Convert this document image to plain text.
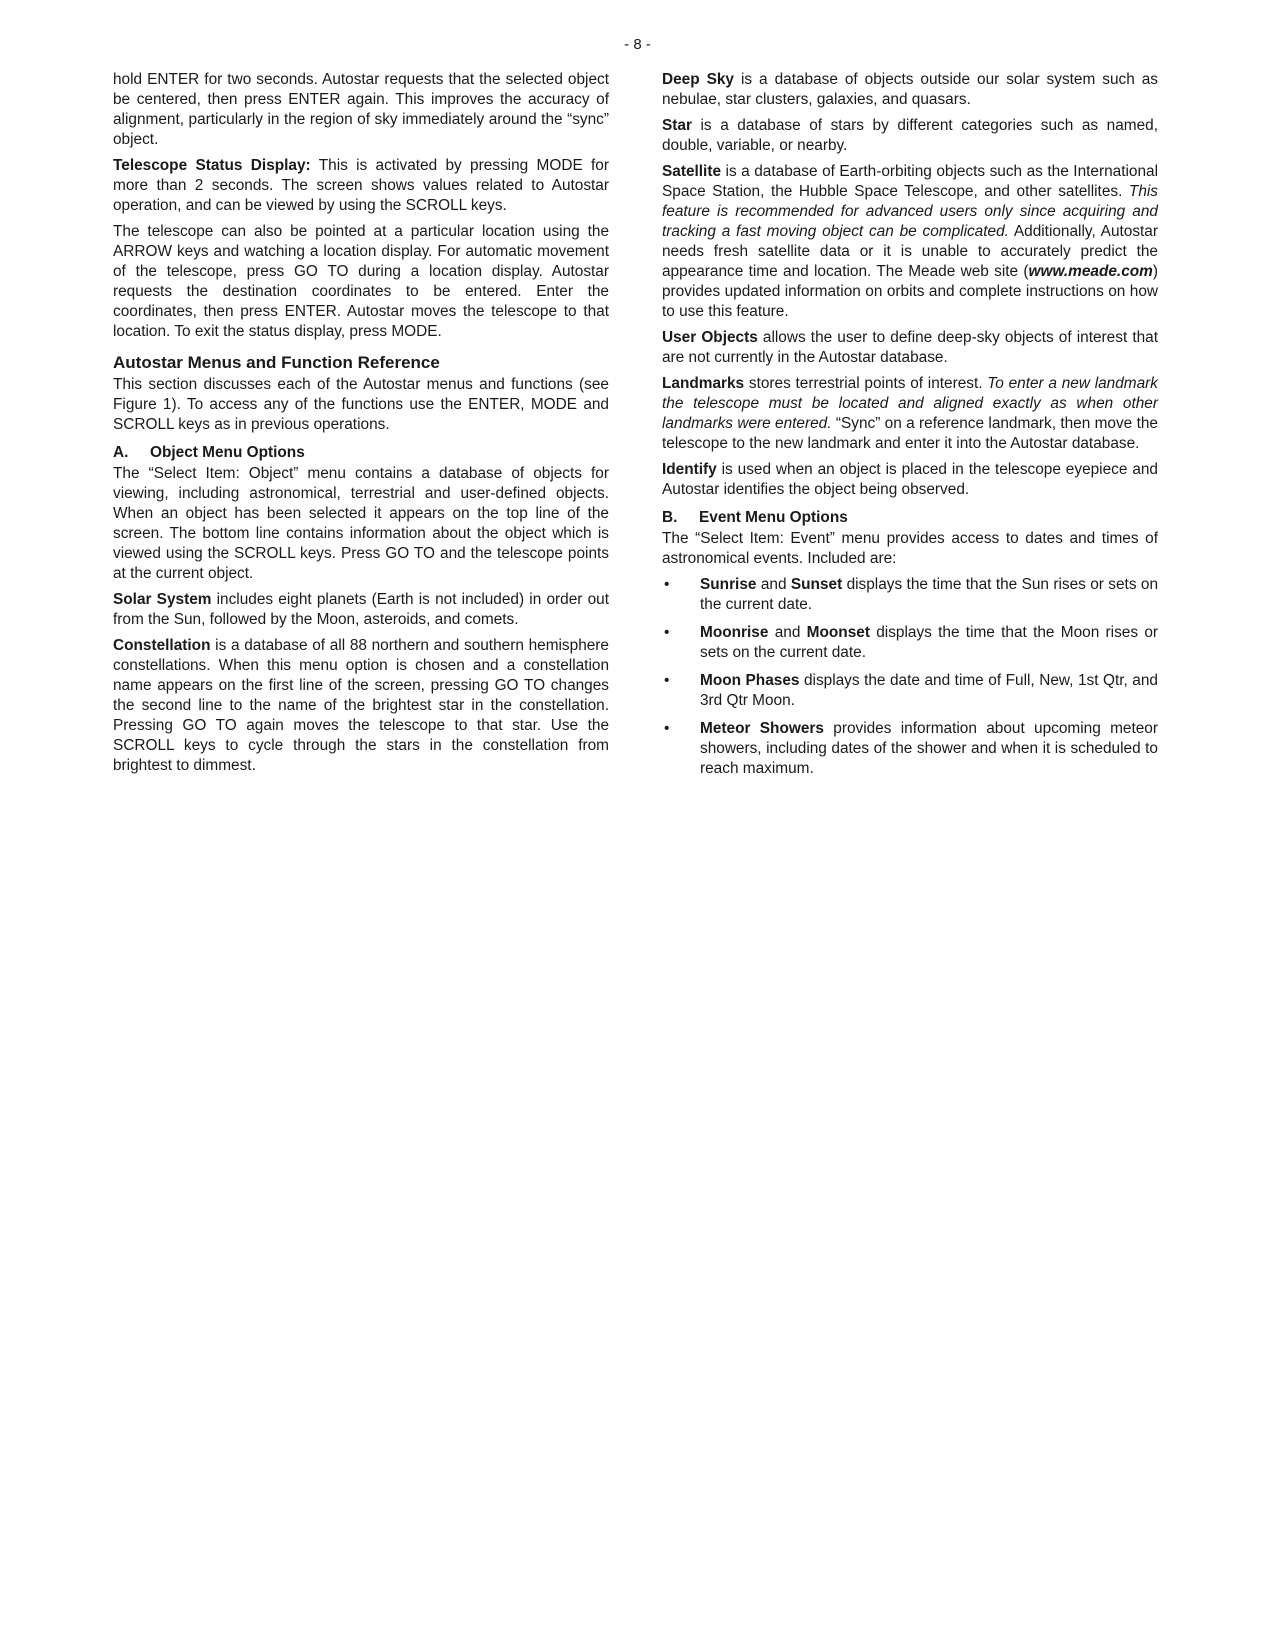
- 8 -

hold ENTER for two seconds. Autostar requests that the selected object be centered, then press ENTER again. This improves the accuracy of alignment, particularly in the region of sky immediately around the “sync” object.

Telescope Status Display: This is activated by pressing MODE for more than 2 seconds. The screen shows values related to Autostar operation, and can be viewed by using the SCROLL keys.

The telescope can also be pointed at a particular location using the ARROW keys and watching a location display. For automatic movement of the telescope, press GO TO during a location display. Autostar requests the destination coordinates to be entered. Enter the coordinates, then press ENTER. Autostar moves the telescope to that location. To exit the status display, press MODE.

Autostar Menus and Function Reference

This section discusses each of the Autostar menus and functions (see Figure 1). To access any of the functions use the ENTER, MODE and SCROLL keys as in previous operations.

A. Object Menu Options

The “Select Item: Object” menu contains a database of objects for viewing, including astronomical, terrestrial and user-defined objects. When an object has been selected it appears on the top line of the screen. The bottom line contains information about the object which is viewed using the SCROLL keys. Press GO TO and the telescope points at the current object.

Solar System includes eight planets (Earth is not included) in order out from the Sun, followed by the Moon, asteroids, and comets.

Constellation is a database of all 88 northern and southern hemisphere constellations. When this menu option is chosen and a constellation name appears on the first line of the screen, pressing GO TO changes the second line to the name of the brightest star in the constellation. Pressing GO TO again moves the telescope to that star. Use the SCROLL keys to cycle through the stars in the constellation from brightest to dimmest.

Deep Sky is a database of objects outside our solar system such as nebulae, star clusters, galaxies, and quasars.

Star is a database of stars by different categories such as named, double, variable, or nearby.

Satellite is a database of Earth-orbiting objects such as the International Space Station, the Hubble Space Telescope, and other satellites. This feature is recommended for advanced users only since acquiring and tracking a fast moving object can be complicated. Additionally, Autostar needs fresh satellite data or it is unable to accurately predict the appearance time and location. The Meade web site (www.meade.com) provides updated information on orbits and complete instructions on how to use this feature.

User Objects allows the user to define deep-sky objects of interest that are not currently in the Autostar database.

Landmarks stores terrestrial points of interest. To enter a new landmark the telescope must be located and aligned exactly as when other landmarks were entered. “Sync” on a reference landmark, then move the telescope to the new landmark and enter it into the Autostar database.

Identify is used when an object is placed in the telescope eyepiece and Autostar identifies the object being observed.

B. Event Menu Options

The “Select Item: Event” menu provides access to dates and times of astronomical events. Included are:

• Sunrise and Sunset displays the time that the Sun rises or sets on the current date.
• Moonrise and Moonset displays the time that the Moon rises or sets on the current date.
• Moon Phases displays the date and time of Full, New, 1st Qtr, and 3rd Qtr Moon.
• Meteor Showers provides information about upcoming meteor showers, including dates of the shower and when it is scheduled to reach maximum.
